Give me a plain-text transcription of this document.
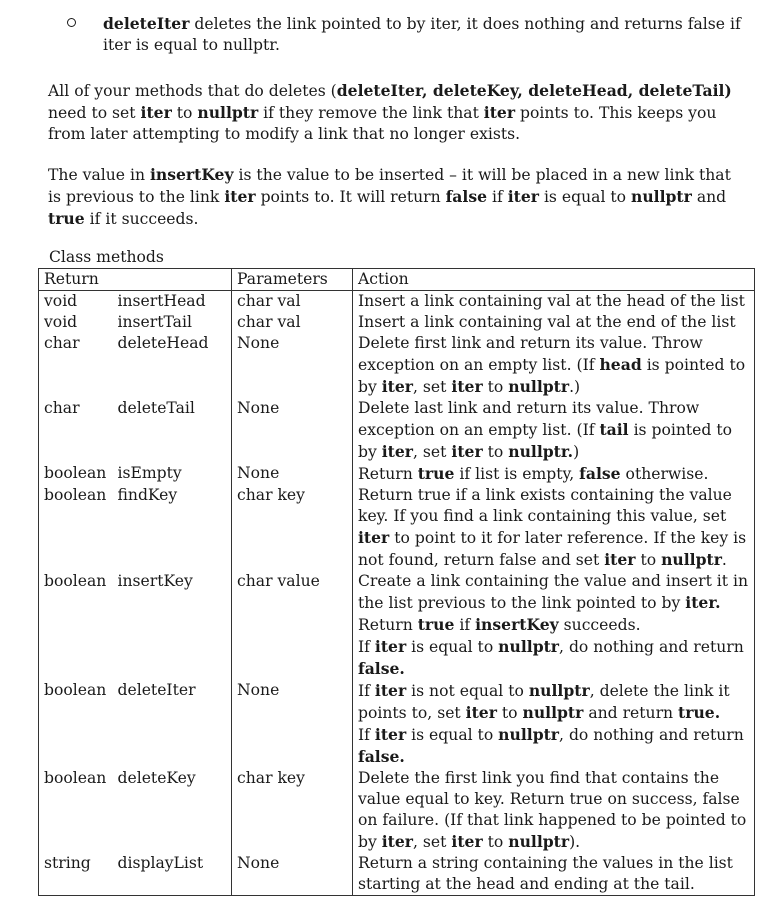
deleteIter deletes the link pointed to by iter, it does nothing and returns false if iter is equal to nullptr.

All of your methods that do deletes (deleteIter, deleteKey, deleteHead, deleteTail) need to set iter to nullptr if they remove the link that iter points to. This keeps you from later attempting to modify a link that no longer exists.

The value in insertKey is the value to be inserted – it will be placed in a new link that is previous to the link iter points to. It will return false if iter is equal to nullptr and true if it succeeds.

Class methods
Return		Parameters	Action
void	insertHead	char val	Insert a link containing val at the head of the list
void	insertTail	char val	Insert a link containing val at the end of the list
char	deleteHead	None	Delete first link and return its value. Throw exception on an empty list. (If head is pointed to by iter, set iter to nullptr.)
char	deleteTail	None	Delete last link and return its value. Throw exception on an empty list. (If tail is pointed to by iter, set iter to nullptr.)
boolean	isEmpty	None	Return true if list is empty, false otherwise.
boolean	findKey	char key	Return true if a link exists containing the value key. If you find a link containing this value, set iter to point to it for later reference. If the key is not found, return false and set iter to nullptr.
boolean	insertKey	char value	Create a link containing the value and insert it in the list previous to the link pointed to by iter.
Return true if insertKey succeeds.
If iter is equal to nullptr, do nothing and return false.
boolean	deleteIter	None	If iter is not equal to nullptr, delete the link it points to, set iter to nullptr and return true.
If iter is equal to nullptr, do nothing and return false.
boolean	deleteKey	char key	Delete the first link you find that contains the value equal to key. Return true on success, false on failure. (If that link happened to be pointed to by iter, set iter to nullptr).
string	displayList	None	Return a string containing the values in the list starting at the head and ending at the tail.
